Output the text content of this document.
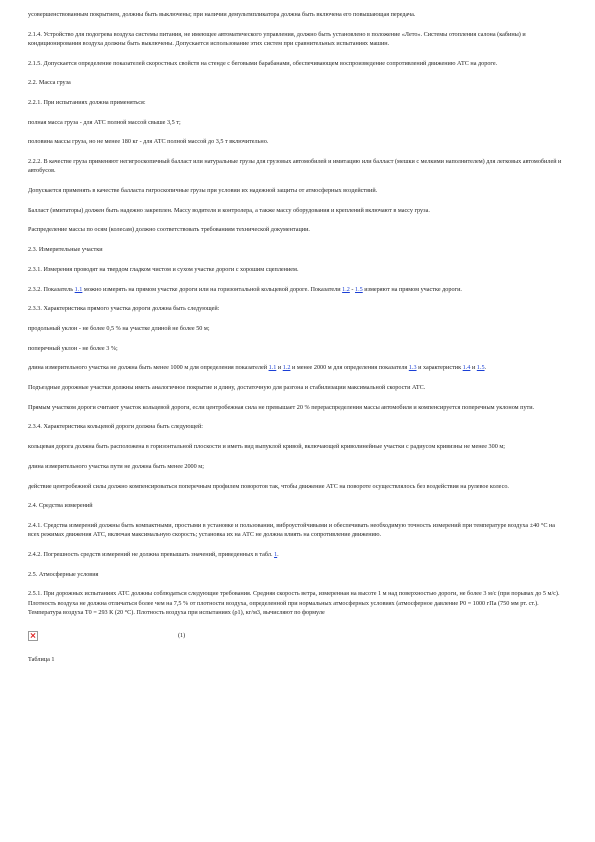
усовершенствованным покрытием, должны быть выключены; при наличии демультипликатора должна быть включена его повышающая передача.

2.1.4. Устройство для подогрева воздуха системы питания, не имеющее автоматического управления, должно быть установлено в положение «Лето». Системы отопления салона (кабины) и кондиционирования воздуха должны быть выключены. Допускается использование этих систем при сравнительных испытаниях машин.

2.1.5. Допускается определение показателей скоростных свойств на стенде с беговыми барабанами, обеспечивающем воспроизведение сопротивлений движению АТС на дороге.

2.2. Масса груза

2.2.1. При испытаниях должна применяться:

полная масса груза - для АТС полной массой свыше 3,5 т;

половина массы груза, но не менее 180 кг - для АТС полной массой до 3,5 т включительно.

2.2.2. В качестве груза применяют негигроскопичный балласт или натуральные грузы для грузовых автомобилей и имитацию или балласт (мешки с мелкими наполнителем) для легковых автомобилей и автобусов.

Допускается применять в качестве балласта гигроскопичные грузы при условии их надежной защиты от атмосферных воздействий.

Балласт (имитаторы) должен быть надежно закреплен. Массу водителя и контролера, а также массу оборудования и креплений включают в массу груза.

Распределение массы по осям (колесам) должно соответствовать требованиям технической документации.

2.3. Измерительные участки

2.3.1. Измерения проводят на твердом гладком чистом и сухом участке дороги с хорошим сцеплением.

2.3.2. Показатель 1.1 можно измерять на прямом участке дороги или на горизонтальной кольцевой дороге. Показатели 1.2 - 1.5 измеряют на прямом участке дороги.

2.3.3. Характеристика прямого участка дороги должна быть следующей:

продольный уклон - не более 0,5 % на участке длиной не более 50 м;

поперечный уклон - не более 3 %;

длина измерительного участка не должна быть менее 1000 м для определения показателей 1.1 и 1.2 и менее 2000 м для определения показателя 1.3 и характеристик 1.4 и 1.5.

Подъездные дорожные участки должны иметь аналогичное покрытие и длину, достаточную для разгона и стабилизации максимальной скорости АТС.

Прямым участком дороги считают участок кольцевой дороги, если центробежная сила не превышает 20 % перераспределения массы автомобиля и компенсируется поперечным уклоном пути.

2.3.4. Характеристика кольцевой дороги должна быть следующей:

кольцевая дорога должна быть расположена в горизонтальной плоскости и иметь вид выпуклой кривой, включающей криволинейные участки с радиусом кривизны не менее 300 м;

длина измерительного участка пути не должна быть менее 2000 м;

действие центробежной силы должно компенсироваться поперечным профилем поворотов так, чтобы движение АТС на повороте осуществлялось без воздействия на рулевое колесо.

2.4. Средства измерений

2.4.1. Средства измерений должны быть компактными, простыми в установке и пользовании, виброустойчивыми и обеспечивать необходимую точность измерений при температуре воздуха ±40 °С на всех режимах движения АТС, включая максимальную скорость; установка их на АТС не должна влиять на сопротивление движению.

2.4.2. Погрешность средств измерений не должна превышать значений, приведенных в табл. 1.

2.5. Атмосферные условия

2.5.1. При дорожных испытаниях АТС должны соблюдаться следующие требования. Средняя скорость ветра, измеренная на высоте 1 м над поверхностью дороги, не более 3 м/с (при порывах до 5 м/с). Плотность воздуха не должна отличаться более чем на 7,5 % от плотности воздуха, определенной при нормальных атмосферных условиях (атмосферное давление P0 = 1000 гПа (750 мм рт. ст.). Температура воздуха T0 = 293 К (20 °С). Плотность воздуха при испытаниях (ρ1), кг/м3, вычисляют по формуле

(1)

Таблица 1
